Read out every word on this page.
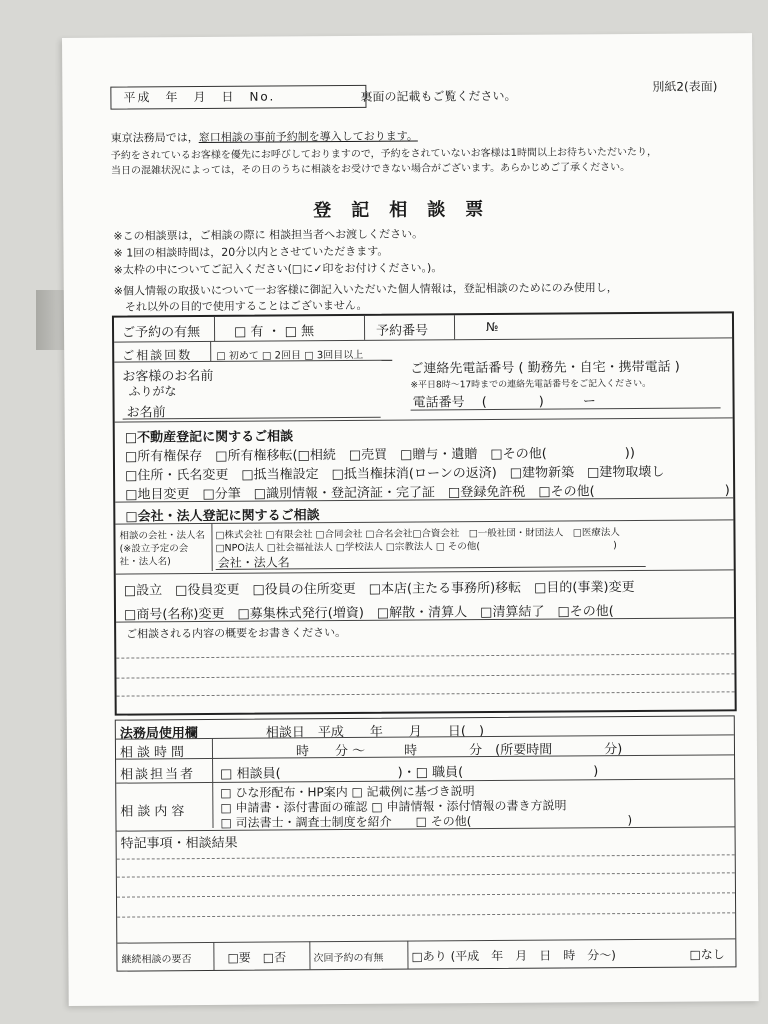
平成　年　月　日　No.	裏面の記載もご覧ください。
別紙2(表面)
東京法務局では，窓口相談の事前予約制を導入しております。
予約をされているお客様を優先にお呼びしておりますので，予約をされていないお客様は1時間以上お待ちいただいたり，
当日の混雑状況によっては，その日のうちに相談をお受けできない場合がございます。あらかじめご了承ください。
登記相談票
※この相談票は，ご相談の際に 相談担当者へお渡しください。
※ 1回の相談時間は，20分以内とさせていただきます。
※太枠の中についてご記入ください(□に✓印をお付けください。)。
※個人情報の取扱いについて一お客様に御記入いただいた個人情報は，登記相談のためにのみ使用し，
　それ以外の目的で使用することはございません。
ご予約の有無	□ 有 ・ □ 無	予約番号	№
ご相談回数 □ 初めて □ 2回目 □ 3回目以上
お客様のお名前
ふりがな
お名前
ご連絡先電話番号 ( 勤務先・自宅・携帯電話 )
※平日8時～17時までの連絡先電話番号をご記入ください。
電話番号　 (　　　　)　　　ー
□不動産登記に関するご相談
□所有権保存　□所有権移転(□相続　□売買　□贈与・遺贈　□その他(　　　　　　))
□住所・氏名変更　□抵当権設定　□抵当権抹消(ローンの返済)　□建物新築　□建物取壊し
□地目変更　□分筆　□識別情報・登記済証・完了証　□登録免許税　□その他(　　　　　　　　　　)
□会社・法人登記に関するご相談
相談の会社・法人名
(※設立予定の会
社・法人名)
□株式会社 □有限会社 □合同会社 □合名会社□合資会社　□一般社団・財団法人　□医療法人
□NPO法人 □社会福祉法人 □学校法人 □宗教法人 □ その他(　　　　　　　　　　　　　　)
会社・法人名
□設立　□役員変更　□役員の住所変更　□本店(主たる事務所)移転　□目的(事業)変更
□商号(名称)変更　□募集株式発行(増資)　□解散・清算人　□清算結了　□その他(
ご相談される内容の概要をお書きください。
法務局使用欄	相談日　平成　　年　　月　　日(　)
相談時間	時　　分 ～　　　時　　　　分　(所要時間　　　　分)
相談担当者 □ 相談員(　　　　　　　　　)・□ 職員(　　　　　　　　　　)
相談内容
□ ひな形配布・HP案内 □ 記載例に基づき説明
□ 申請書・添付書面の確認 □ 申請情報・添付情報の書き方説明
□ 司法書士・調査士制度を紹介　　□ その他(　　　　　　　　　　　　　)
特記事項・相談結果
継続相談の要否	□要　□否	次回予約の有無 □あり (平成　年　月　日　時　分～)	□なし
